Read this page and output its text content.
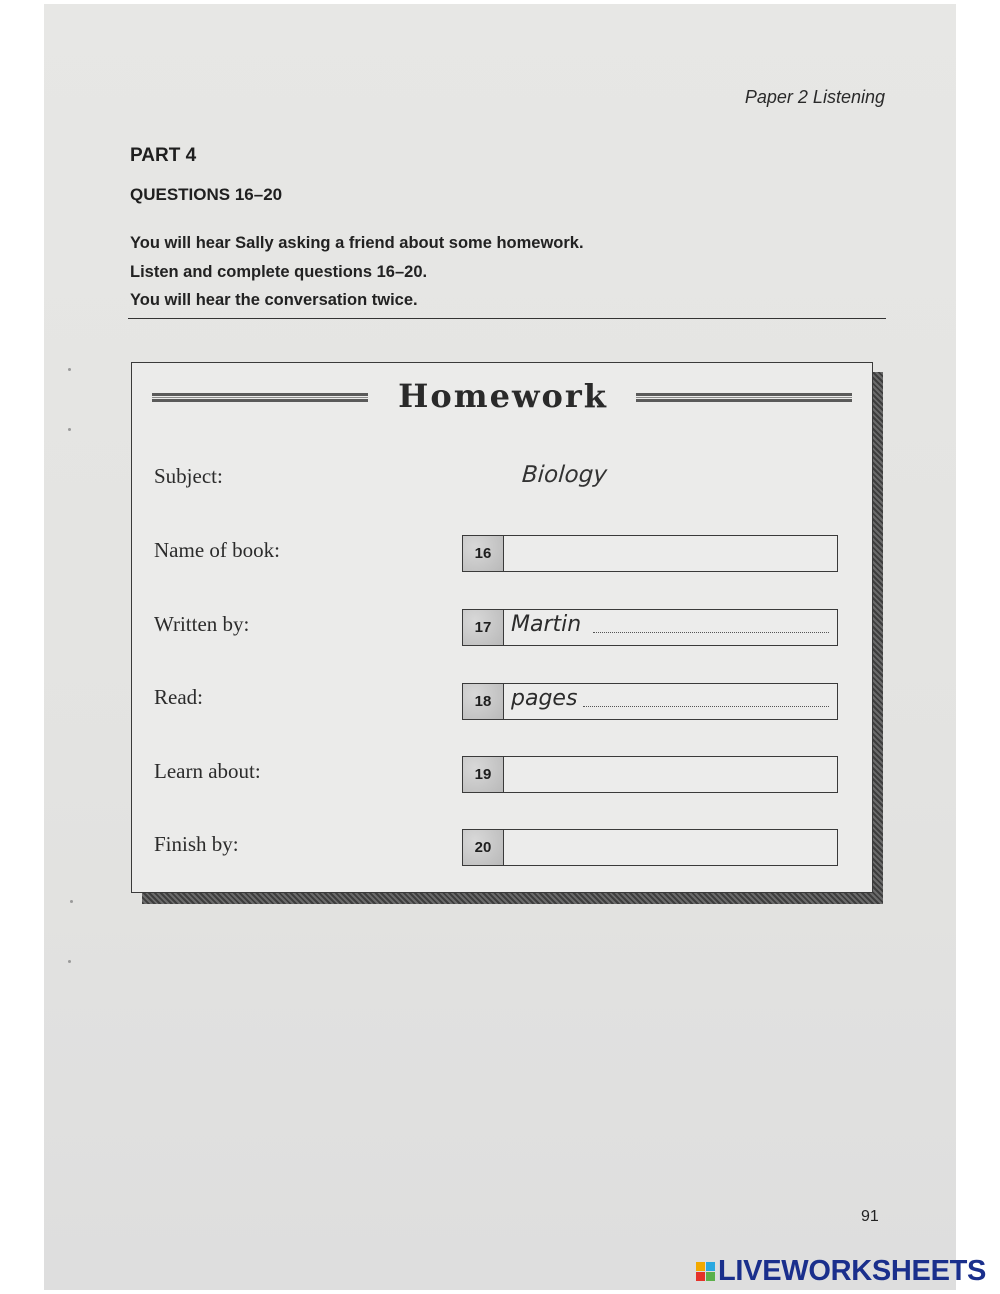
Paper 2 Listening
PART 4
QUESTIONS 16–20
You will hear Sally asking a friend about some homework.
Listen and complete questions 16–20.
You will hear the conversation twice.
Homework
Subject:	Biology
Name of book:	16
Written by:	17 Martin
Read:	18 pages
Learn about:	19
Finish by:	20
91
LIVEWORKSHEETS
